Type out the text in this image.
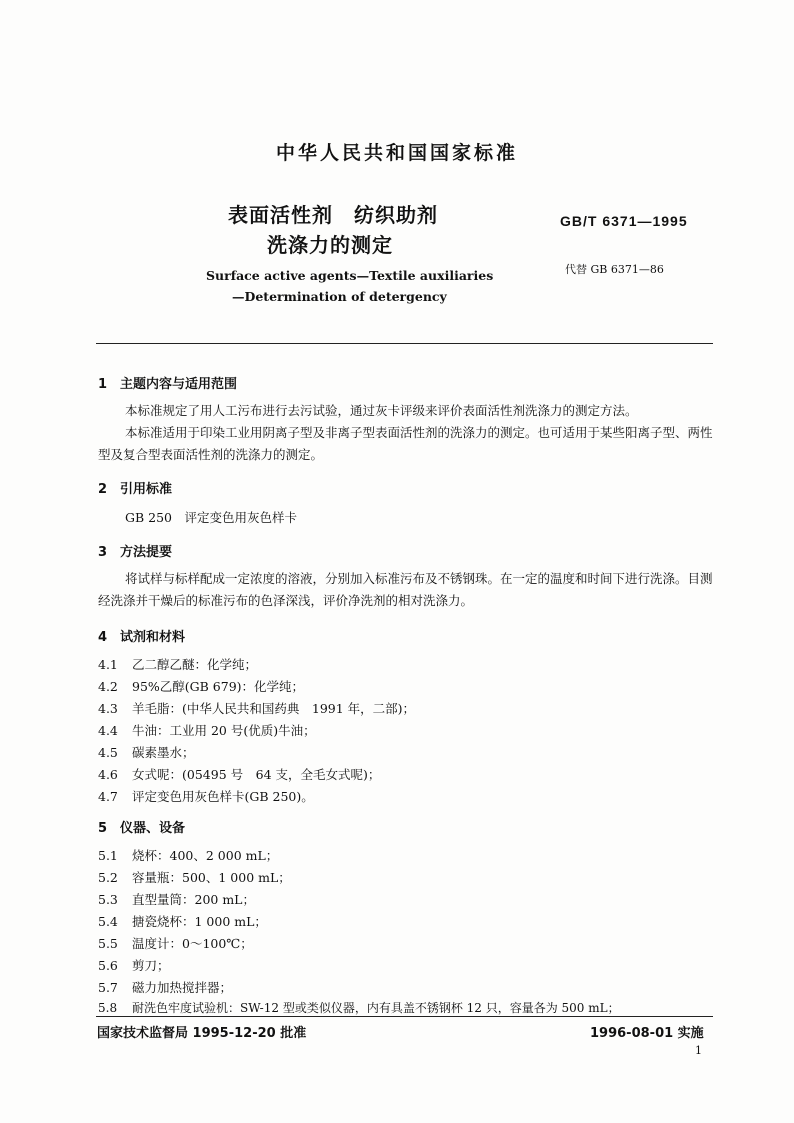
中华人民共和国国家标准
表面活性剂　纺织助剂
洗涤力的测定
GB/T 6371—1995
代替 GB 6371—86
Surface active agents—Textile auxiliaries
—Determination of detergency
1 主题内容与适用范围
本标准规定了用人工污布进行去污试验，通过灰卡评级来评价表面活性剂洗涤力的测定方法。
本标准适用于印染工业用阴离子型及非离子型表面活性剂的洗涤力的测定。也可适用于某些阳离子型、两性型及复合型表面活性剂的洗涤力的测定。
2 引用标准
GB 250　评定变色用灰色样卡
3 方法提要
将试样与标样配成一定浓度的溶液，分别加入标准污布及不锈钢珠。在一定的温度和时间下进行洗涤。目测经洗涤并干燥后的标准污布的色泽深浅，评价净洗剂的相对洗涤力。
4 试剂和材料
4.1 乙二醇乙醚：化学纯；
4.2 95%乙醇(GB 679)：化学纯；
4.3 羊毛脂：(中华人民共和国药典　1991 年，二部)；
4.4 牛油：工业用 20 号(优质)牛油；
4.5 碳素墨水；
4.6 女式呢：(05495 号　64 支，全毛女式呢)；
4.7 评定变色用灰色样卡(GB 250)。
5 仪器、设备
5.1 烧杯：400、2 000 mL；
5.2 容量瓶：500、1 000 mL；
5.3 直型量筒：200 mL；
5.4 搪瓷烧杯：1 000 mL；
5.5 温度计：0～100℃；
5.6 剪刀；
5.7 磁力加热搅拌器；
5.8 耐洗色牢度试验机：SW-12 型或类似仪器，内有具盖不锈钢杯 12 只，容量各为 500 mL；
国家技术监督局 1995-12-20 批准	1996-08-01 实施
1
